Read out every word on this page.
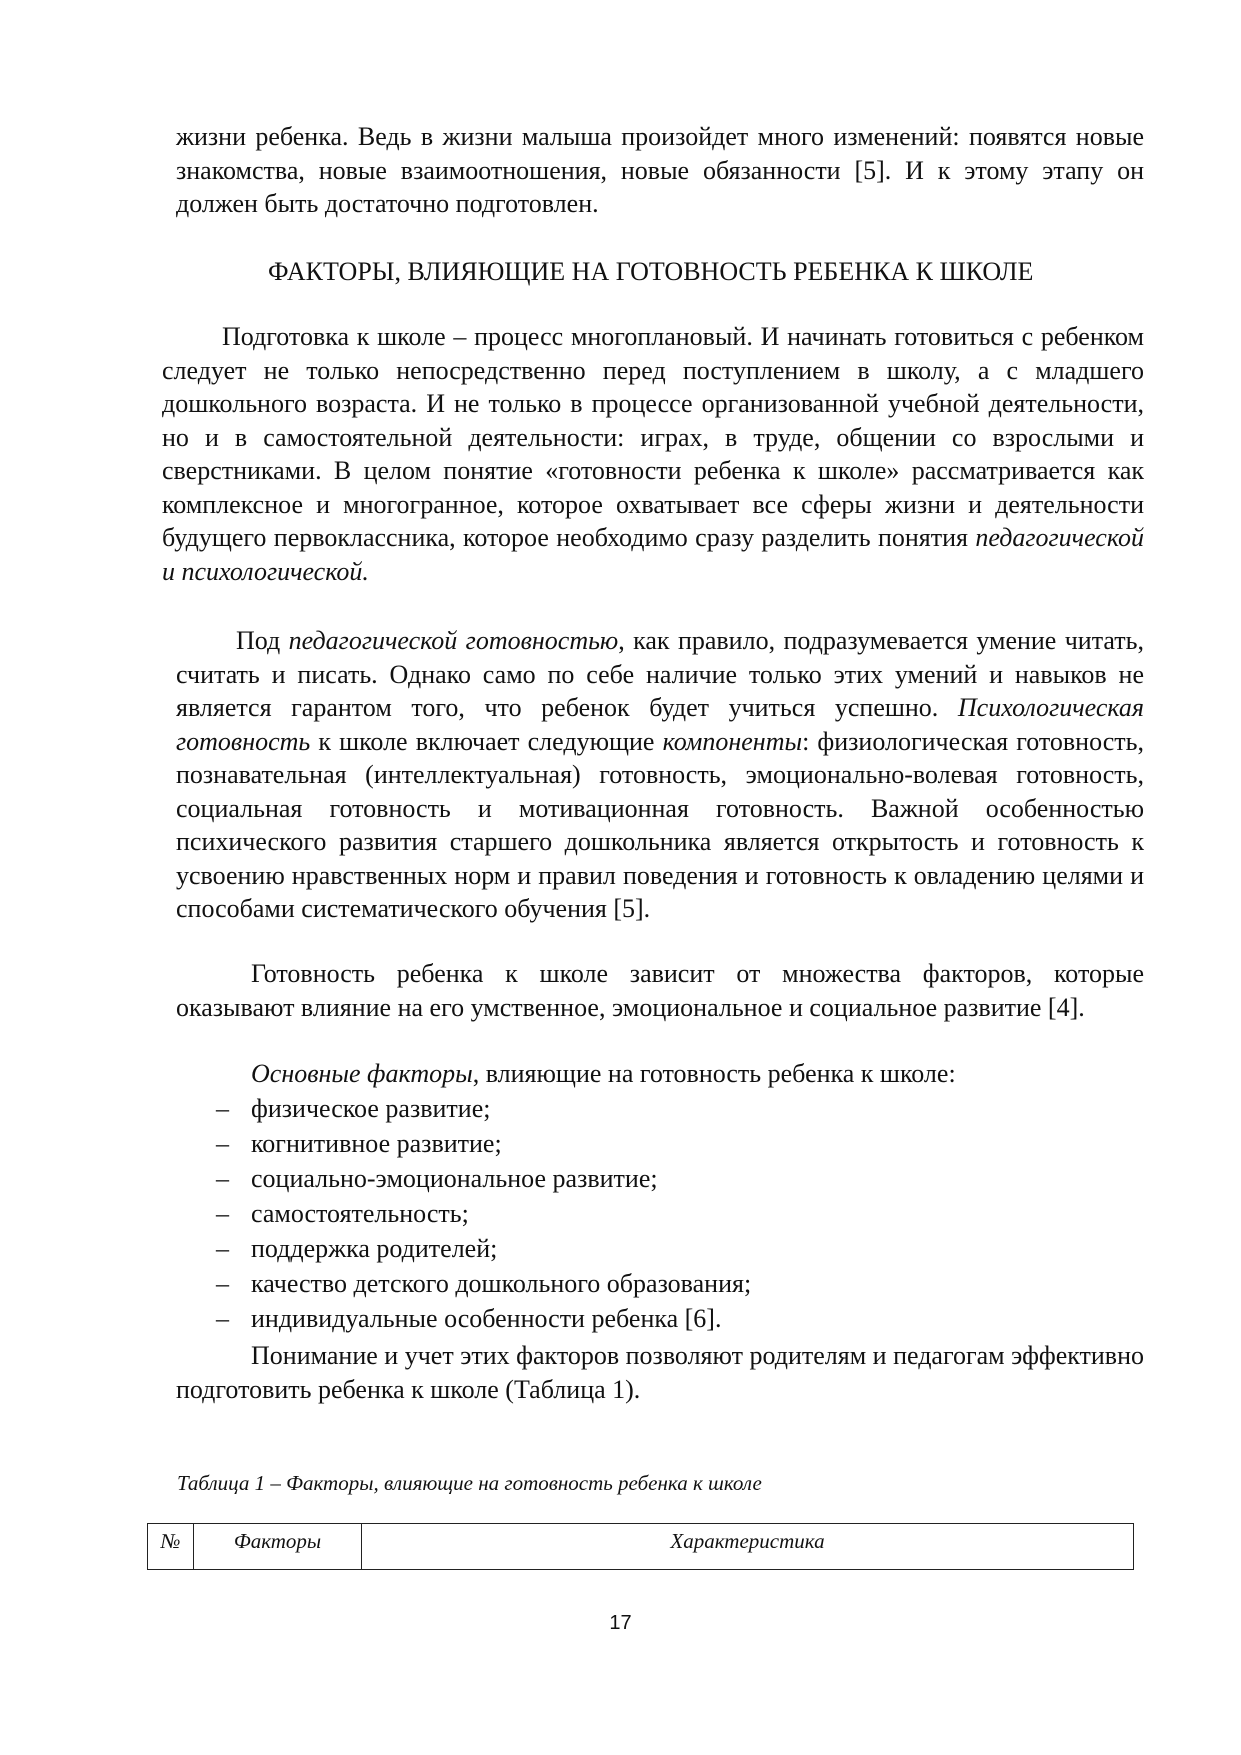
жизни ребенка. Ведь в жизни малыша произойдет много изменений: появятся новые знакомства, новые взаимоотношения, новые обязанности [5]. И к этому этапу он должен быть достаточно подготовлен.

ФАКТОРЫ, ВЛИЯЮЩИЕ НА ГОТОВНОСТЬ РЕБЕНКА К ШКОЛЕ

Подготовка к школе – процесс многоплановый. И начинать готовиться с ребенком следует не только непосредственно перед поступлением в школу, а с младшего дошкольного возраста. И не только в процессе организованной учебной деятельности, но и в самостоятельной деятельности: играх, в труде, общении со взрослыми и сверстниками. В целом понятие «готовности ребенка к школе» рассматривается как комплексное и многогранное, которое охватывает все сферы жизни и деятельности будущего первоклассника, которое необходимо сразу разделить понятия педагогической и психологической.

Под педагогической готовностью, как правило, подразумевается умение читать, считать и писать. Однако само по себе наличие только этих умений и навыков не является гарантом того, что ребенок будет учиться успешно. Психологическая готовность к школе включает следующие компоненты: физиологическая готовность, познавательная (интеллектуальная) готовность, эмоционально-волевая готовность, социальная готовность и мотивационная готовность. Важной особенностью психического развития старшего дошкольника является открытость и готовность к усвоению нравственных норм и правил поведения и готовность к овладению целями и способами систематического обучения [5].

Готовность ребенка к школе зависит от множества факторов, которые оказывают влияние на его умственное, эмоциональное и социальное развитие [4].

Основные факторы, влияющие на готовность ребенка к школе:

– физическое развитие;
– когнитивное развитие;
– социально-эмоциональное развитие;
– самостоятельность;
– поддержка родителей;
– качество детского дошкольного образования;
– индивидуальные особенности ребенка [6].

Понимание и учет этих факторов позволяют родителям и педагогам эффективно подготовить ребенка к школе (Таблица 1).

Таблица 1 – Факторы, влияющие на готовность ребенка к школе

№	Факторы	Характеристика
17
